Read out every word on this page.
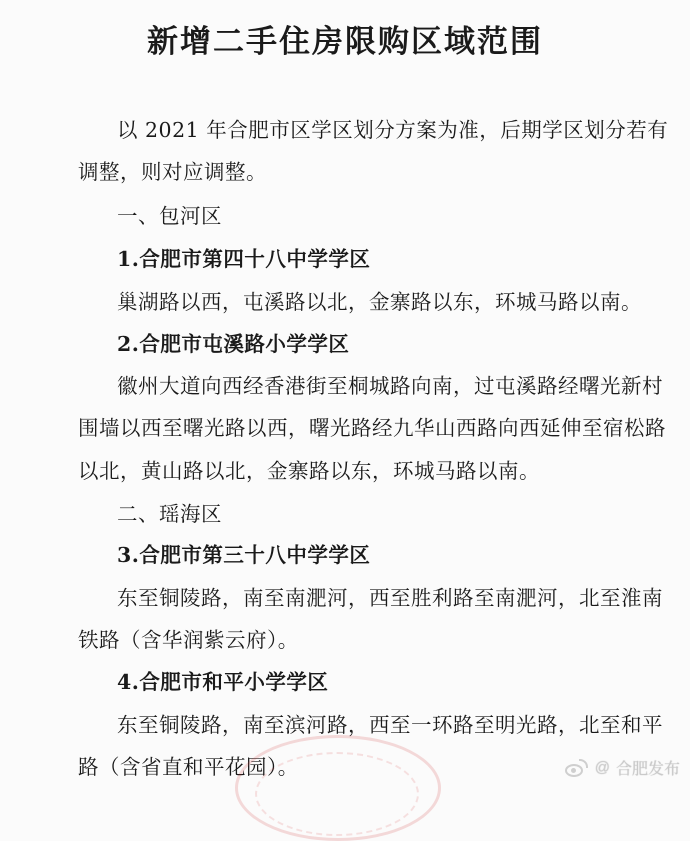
新增二手住房限购区域范围
以 2021 年合肥市区学区划分方案为准，后期学区划分若有
调整，则对应调整。
一、包河区
1.合肥市第四十八中学学区
巢湖路以西，屯溪路以北，金寨路以东，环城马路以南。
2.合肥市屯溪路小学学区
徽州大道向西经香港街至桐城路向南，过屯溪路经曙光新村
围墙以西至曙光路以西，曙光路经九华山西路向西延伸至宿松路
以北，黄山路以北，金寨路以东，环城马路以南。
二、瑶海区
3.合肥市第三十八中学学区
东至铜陵路，南至南淝河，西至胜利路至南淝河，北至淮南
铁路（含华润紫云府）。
4.合肥市和平小学学区
东至铜陵路，南至滨河路，西至一环路至明光路，北至和平
路（含省直和平花园）。	@ 合肥发布
